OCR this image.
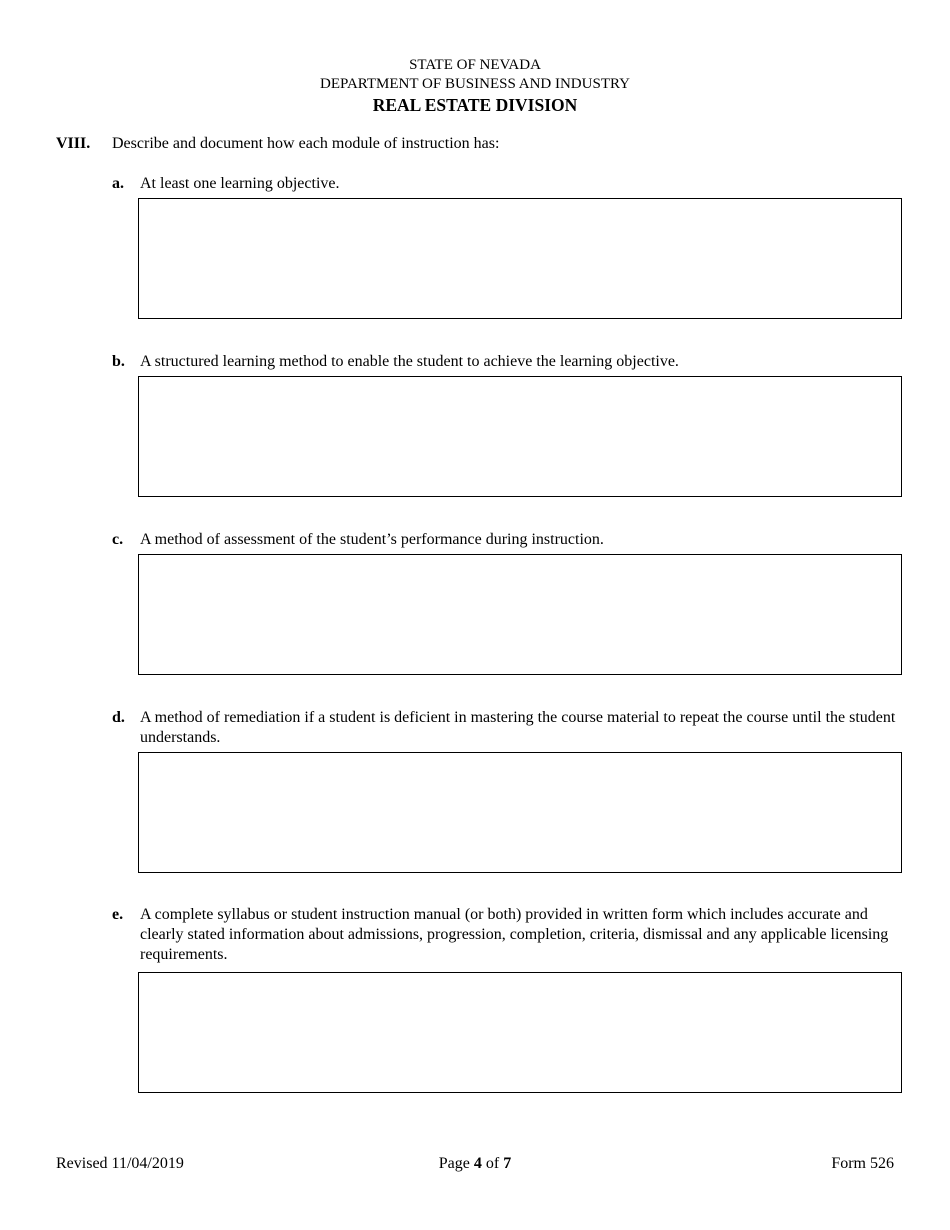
STATE OF NEVADA
DEPARTMENT OF BUSINESS AND INDUSTRY
REAL ESTATE DIVISION
VIII. Describe and document how each module of instruction has:
a. At least one learning objective.
b. A structured learning method to enable the student to achieve the learning objective.
c. A method of assessment of the student’s performance during instruction.
d. A method of remediation if a student is deficient in mastering the course material to repeat the course until the student understands.
e. A complete syllabus or student instruction manual (or both) provided in written form which includes accurate and clearly stated information about admissions, progression, completion, criteria, dismissal and any applicable licensing requirements.
Revised 11/04/2019	Page 4 of 7	Form 526
